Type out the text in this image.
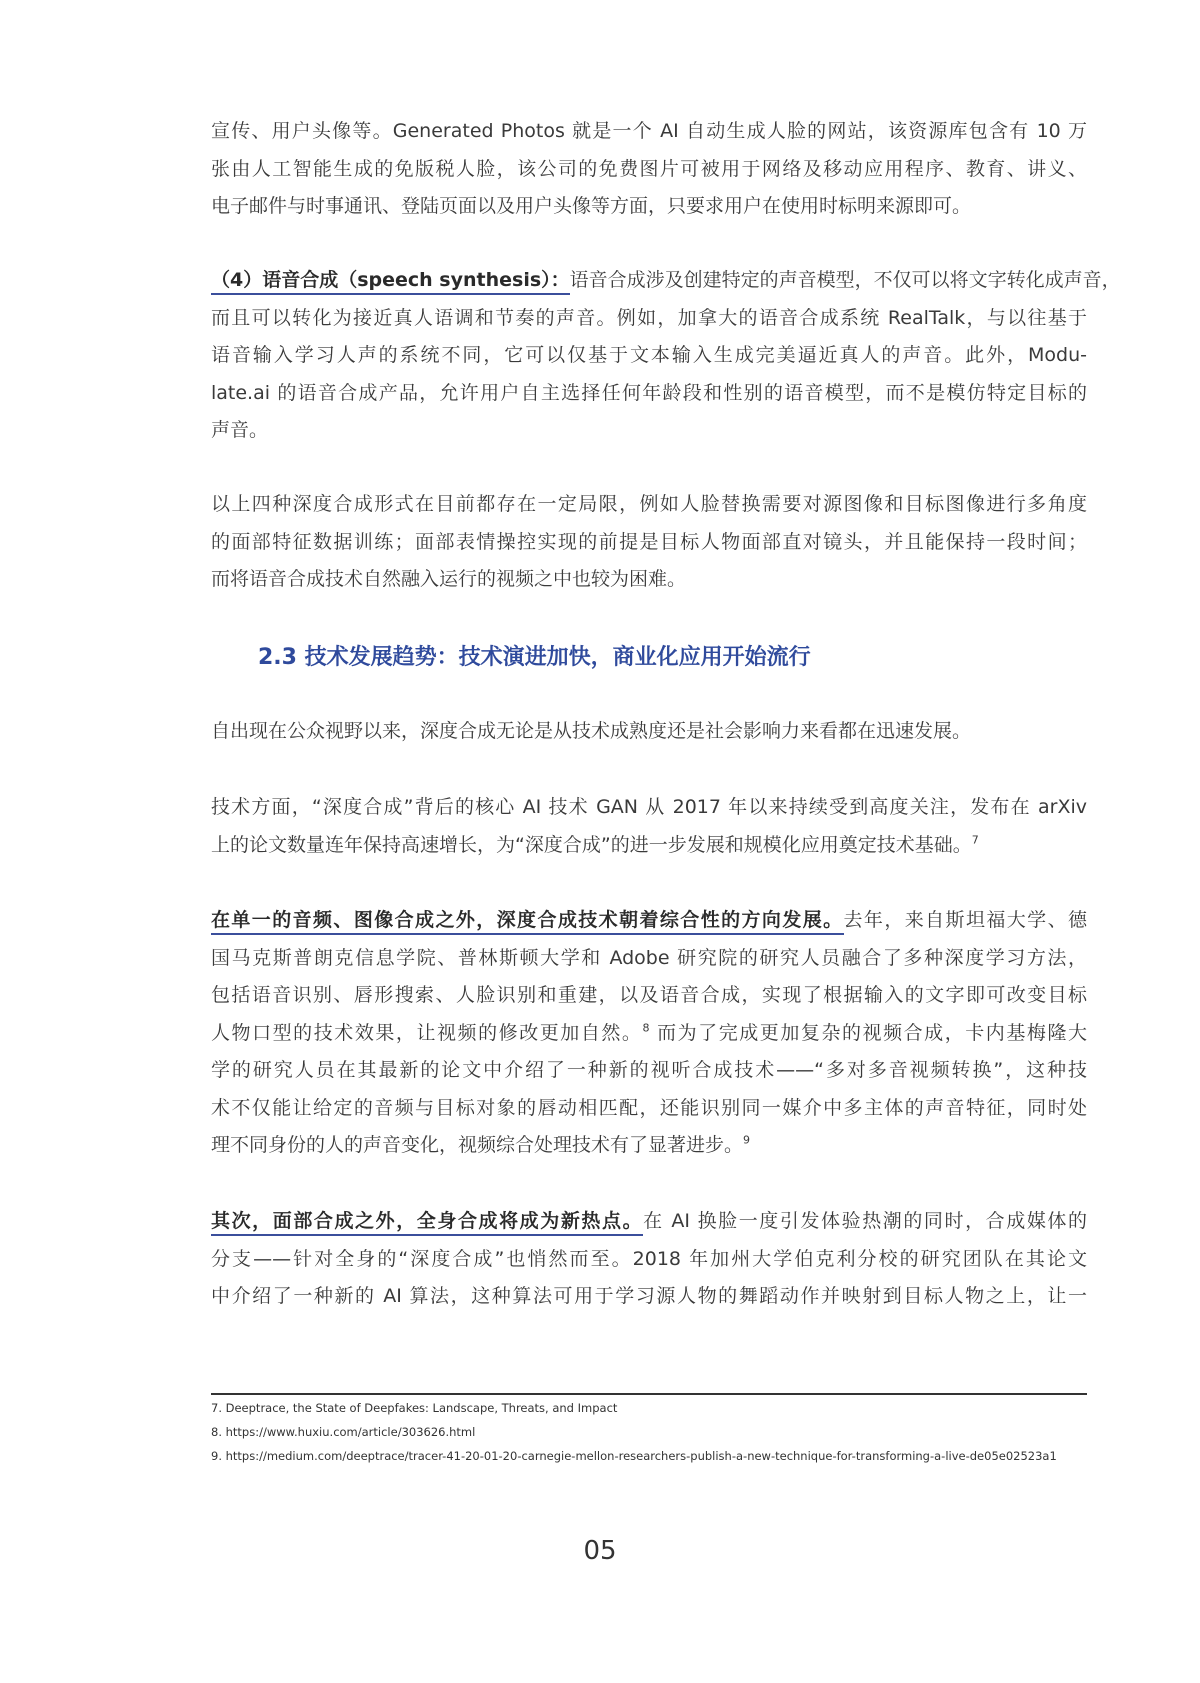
宣传、用户头像等。Generated Photos 就是一个 AI 自动生成人脸的网站，该资源库包含有 10 万
张由人工智能生成的免版税人脸，该公司的免费图片可被用于网络及移动应用程序、教育、讲义、
电子邮件与时事通讯、登陆页面以及用户头像等方面，只要求用户在使用时标明来源即可。
（4）语音合成（speech synthesis）：语音合成涉及创建特定的声音模型，不仅可以将文字转化成声音，
而且可以转化为接近真人语调和节奏的声音。例如，加拿大的语音合成系统 RealTalk，与以往基于
语音输入学习人声的系统不同，它可以仅基于文本输入生成完美逼近真人的声音。此外，Modu-
late.ai 的语音合成产品，允许用户自主选择任何年龄段和性别的语音模型，而不是模仿特定目标的
声音。
以上四种深度合成形式在目前都存在一定局限，例如人脸替换需要对源图像和目标图像进行多角度
的面部特征数据训练；面部表情操控实现的前提是目标人物面部直对镜头，并且能保持一段时间；
而将语音合成技术自然融入运行的视频之中也较为困难。
自出现在公众视野以来，深度合成无论是从技术成熟度还是社会影响力来看都在迅速发展。
技术方面，“深度合成”背后的核心 AI 技术 GAN 从 2017 年以来持续受到高度关注，发布在 arXiv
上的论文数量连年保持高速增长，为“深度合成”的进一步发展和规模化应用奠定技术基础。$^7$
在单一的音频、图像合成之外，深度合成技术朝着综合性的方向发展。去年，来自斯坦福大学、德
国马克斯普朗克信息学院、普林斯顿大学和 Adobe 研究院的研究人员融合了多种深度学习方法，
包括语音识别、唇形搜索、人脸识别和重建，以及语音合成，实现了根据输入的文字即可改变目标
人物口型的技术效果，让视频的修改更加自然。$^8$ 而为了完成更加复杂的视频合成，卡内基梅隆大
学的研究人员在其最新的论文中介绍了一种新的视听合成技术——“多对多音视频转换”，这种技
术不仅能让给定的音频与目标对象的唇动相匹配，还能识别同一媒介中多主体的声音特征，同时处
理不同身份的人的声音变化，视频综合处理技术有了显著进步。$^9$
其次，面部合成之外，全身合成将成为新热点。在 AI 换脸一度引发体验热潮的同时，合成媒体的
分支——针对全身的“深度合成”也悄然而至。2018 年加州大学伯克利分校的研究团队在其论文
中介绍了一种新的 AI 算法，这种算法可用于学习源人物的舞蹈动作并映射到目标人物之上，让一
2.3 技术发展趋势：技术演进加快，商业化应用开始流行
7. Deeptrace, the State of Deepfakes: Landscape, Threats, and Impact
8. https://www.huxiu.com/article/303626.html
9. https://medium.com/deeptrace/tracer-41-20-01-20-carnegie-mellon-researchers-publish-a-new-technique-for-transforming-a-live-de05e02523a1
05
